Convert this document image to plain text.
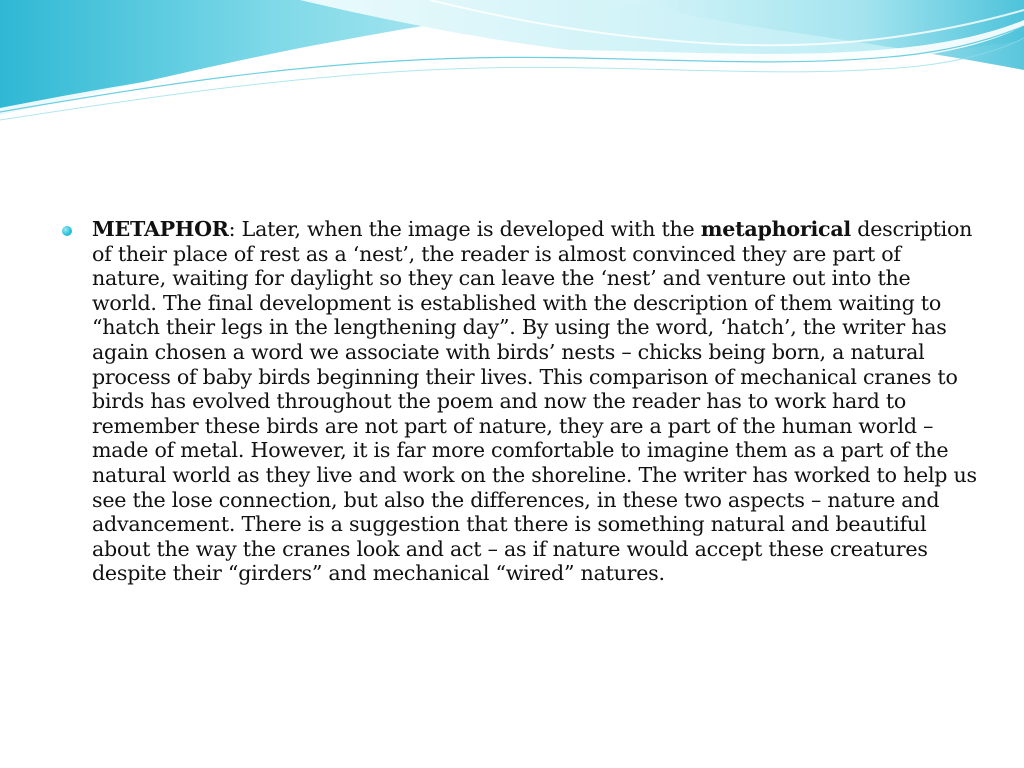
METAPHOR: Later, when the image is developed with the metaphorical description of their place of rest as a ‘nest’, the reader is almost convinced they are part of nature, waiting for daylight so they can leave the ‘nest’ and venture out into the world. The final development is established with the description of them waiting to “hatch their legs in the lengthening day”. By using the word, ‘hatch’, the writer has again chosen a word we associate with birds’ nests – chicks being born, a natural process of baby birds beginning their lives. This comparison of mechanical cranes to birds has evolved throughout the poem and now the reader has to work hard to remember these birds are not part of nature, they are a part of the human world – made of metal. However, it is far more comfortable to imagine them as a part of the natural world as they live and work on the shoreline. The writer has worked to help us see the lose connection, but also the differences, in these two aspects – nature and advancement. There is a suggestion that there is something natural and beautiful about the way the cranes look and act – as if nature would accept these creatures despite their “girders” and mechanical “wired” natures.
